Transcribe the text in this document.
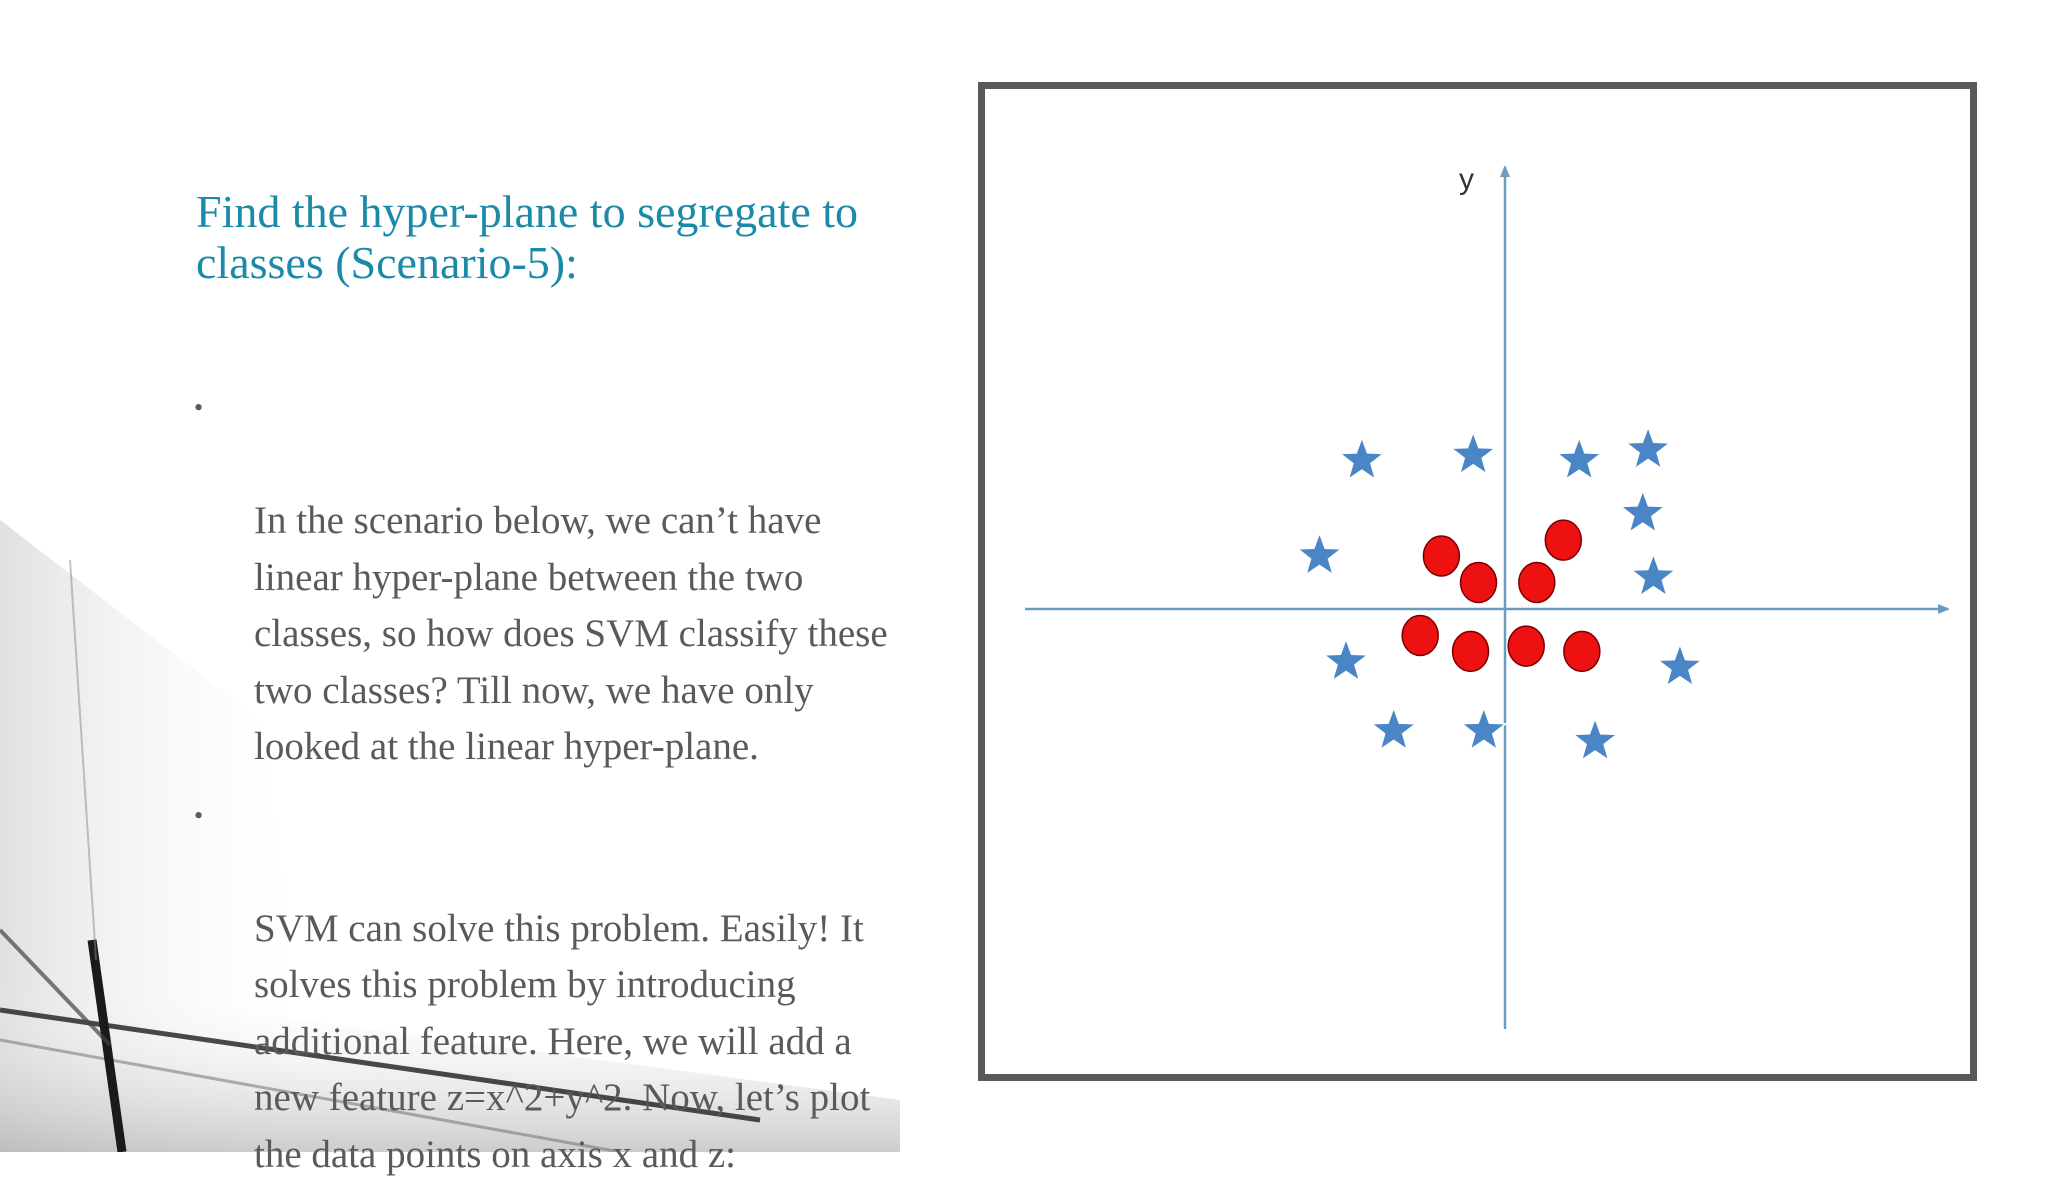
Find the hyper-plane to segregate to classes (Scenario-5):

•

In the scenario below, we can’t have linear hyper-plane between the two classes, so how does SVM classify these two classes? Till now, we have only looked at the linear hyper-plane.

•

SVM can solve this problem. Easily! It solves this problem by introducing additional feature. Here, we will add a new feature z=x^2+y^2. Now, let’s plot the data points on axis x and z:

y
